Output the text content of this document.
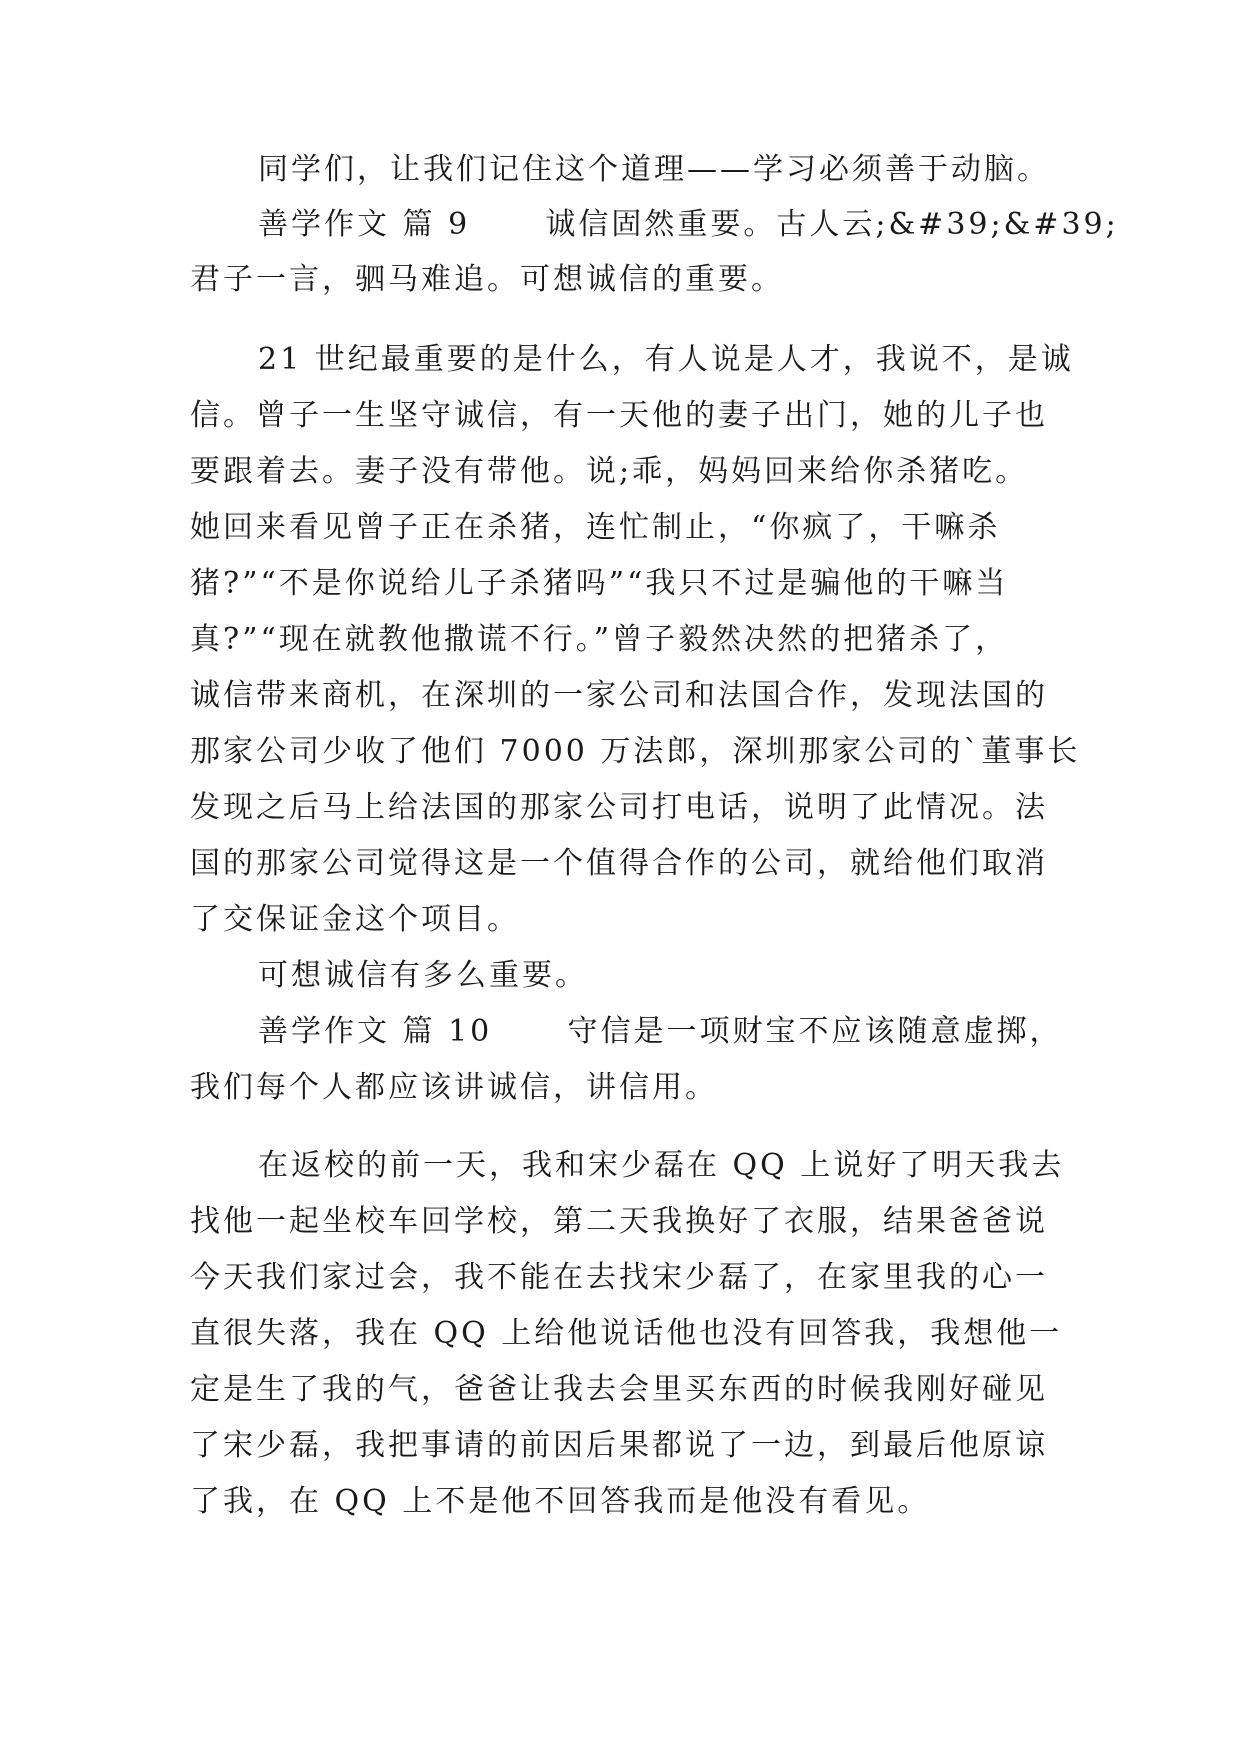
同学们，让我们记住这个道理——学习必须善于动脑。
善学作文 篇 9      诚信固然重要。古人云;&#39;&#39;
君子一言，驷马难追。可想诚信的重要。
21 世纪最重要的是什么，有人说是人才，我说不，是诚
信。曾子一生坚守诚信，有一天他的妻子出门，她的儿子也
要跟着去。妻子没有带他。说;乖，妈妈回来给你杀猪吃。
她回来看见曾子正在杀猪，连忙制止，“你疯了，干嘛杀
猪?”“不是你说给儿子杀猪吗”“我只不过是骗他的干嘛当
真?”“现在就教他撒谎不行。”曾子毅然决然的把猪杀了，
诚信带来商机，在深圳的一家公司和法国合作，发现法国的
那家公司少收了他们 7000 万法郎，深圳那家公司的`董事长
发现之后马上给法国的那家公司打电话，说明了此情况。法
国的那家公司觉得这是一个值得合作的公司，就给他们取消
了交保证金这个项目。
可想诚信有多么重要。
善学作文 篇 10      守信是一项财宝不应该随意虚掷，
我们每个人都应该讲诚信，讲信用。
在返校的前一天，我和宋少磊在 QQ 上说好了明天我去
找他一起坐校车回学校，第二天我换好了衣服，结果爸爸说
今天我们家过会，我不能在去找宋少磊了，在家里我的心一
直很失落，我在 QQ 上给他说话他也没有回答我，我想他一
定是生了我的气，爸爸让我去会里买东西的时候我刚好碰见
了宋少磊，我把事请的前因后果都说了一边，到最后他原谅
了我，在 QQ 上不是他不回答我而是他没有看见。
